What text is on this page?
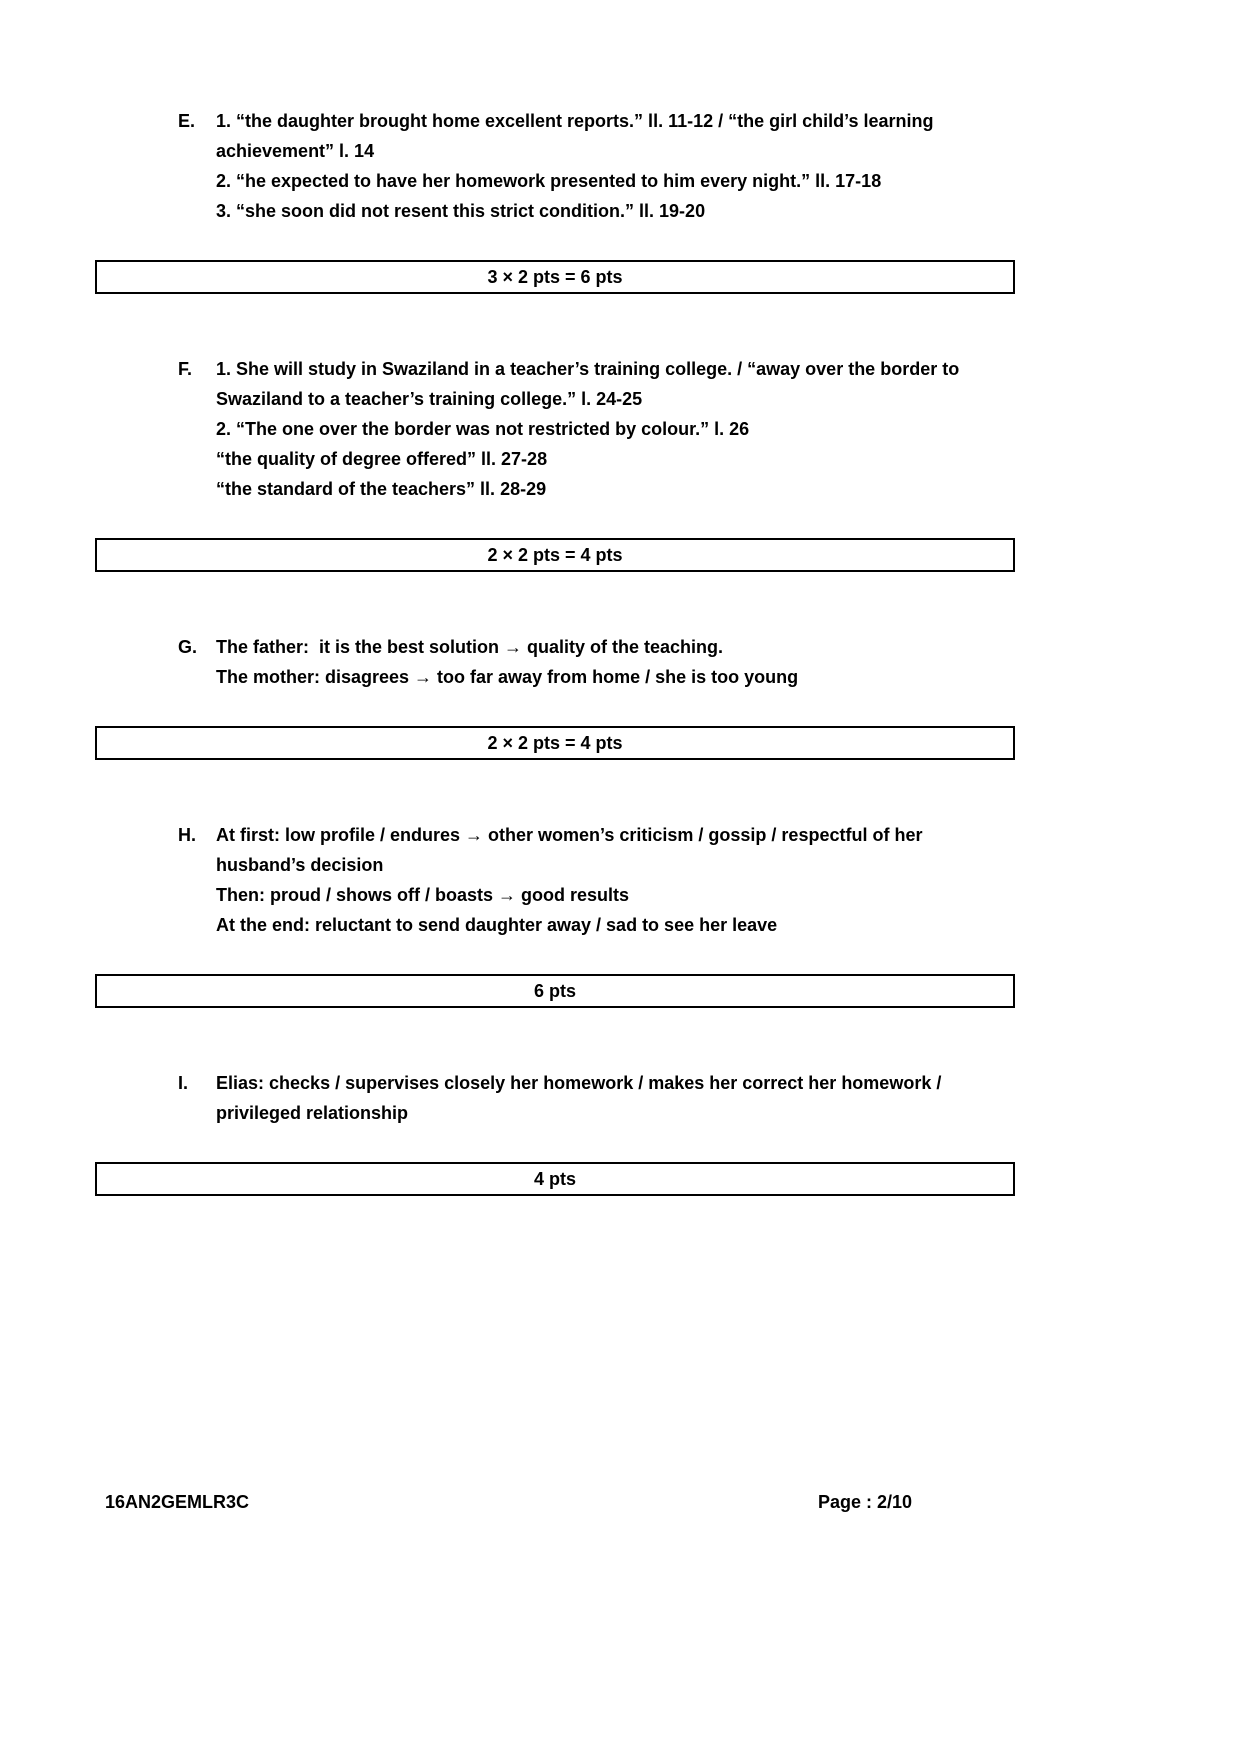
E.	1. “the daughter brought home excellent reports.” ll. 11-12 / “the girl child’s learning achievement” l. 14
2. “he expected to have her homework presented to him every night.” ll. 17-18
3. “she soon did not resent this strict condition.” ll. 19-20
3 × 2 pts = 6 pts
F.	1. She will study in Swaziland in a teacher’s training college. / “away over the border to Swaziland to a teacher’s training college.” l. 24-25
2. “The one over the border was not restricted by colour.” l. 26
“the quality of degree offered” ll. 27-28
“the standard of the teachers” ll. 28-29
2 × 2 pts = 4 pts
G.	The father:  it is the best solution → quality of the teaching.
The mother: disagrees → too far away from home / she is too young
2 × 2 pts = 4 pts
H.	At first: low profile / endures → other women’s criticism / gossip / respectful of her husband’s decision
Then: proud / shows off / boasts → good results
At the end: reluctant to send daughter away / sad to see her leave
6 pts
I.	Elias: checks / supervises closely her homework / makes her correct her homework / privileged relationship
4 pts
16AN2GEMLR3C	Page : 2/10
